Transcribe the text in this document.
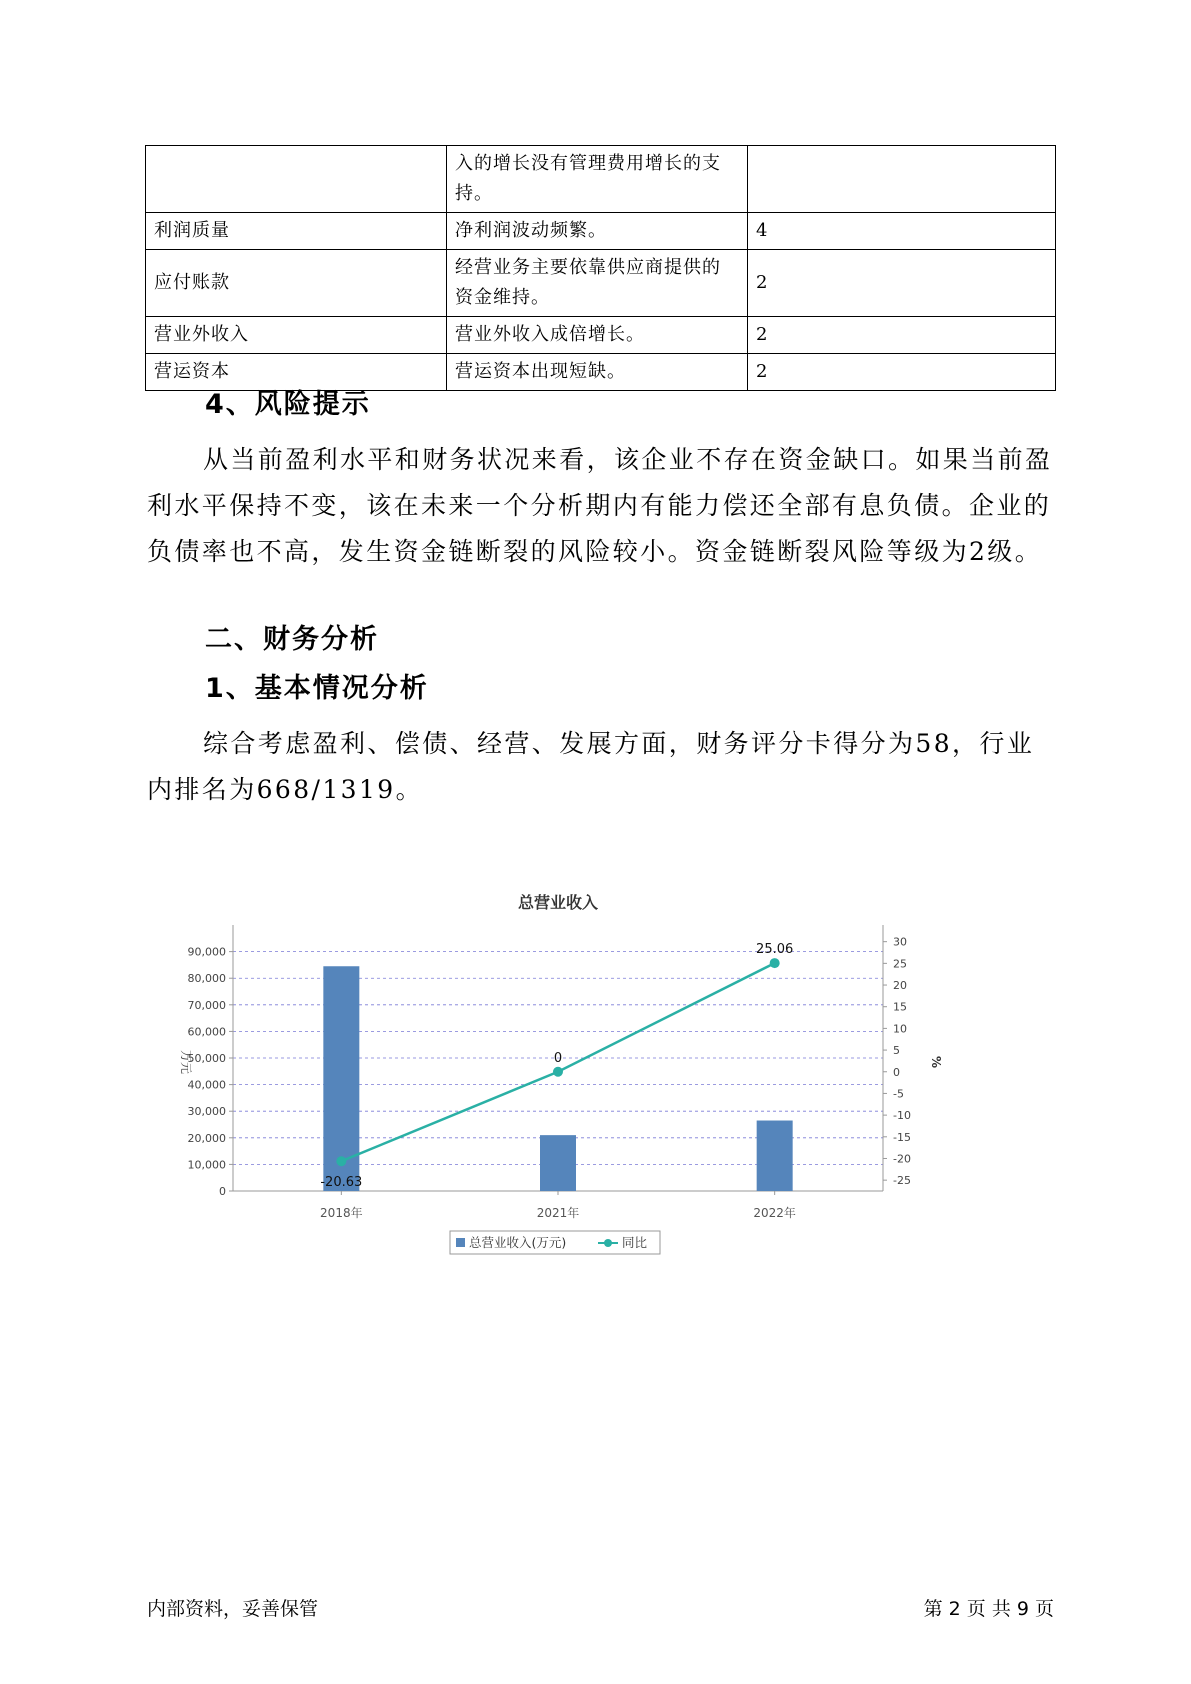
	入的增长没有管理费用增长的支持。	
利润质量	净利润波动频繁。	4
应付账款	经营业务主要依靠供应商提供的资金维持。	2
营业外收入	营业外收入成倍增长。	2
营运资本	营运资本出现短缺。	2
4、风险提示
从当前盈利水平和财务状况来看，该企业不存在资金缺口。如果当前盈利水平保持不变，该在未来一个分析期内有能力偿还全部有息负债。企业的负债率也不高，发生资金链断裂的风险较小。资金链断裂风险等级为2级。
二、财务分析
1、基本情况分析
综合考虑盈利、偿债、经营、发展方面，财务评分卡得分为58，行业内排名为668/1319。
总营业收入
0
10,000
20,000
30,000
40,000
50,000
60,000
70,000
80,000
90,000
-25
-20
-15
-10
-5
0
5
10
15
20
25
30
万元	%
2018年	2021年	2022年
-20.63
0
25.06
总营业收入(万元)	同比
内部资料，妥善保管	第 2 页 共 9 页
